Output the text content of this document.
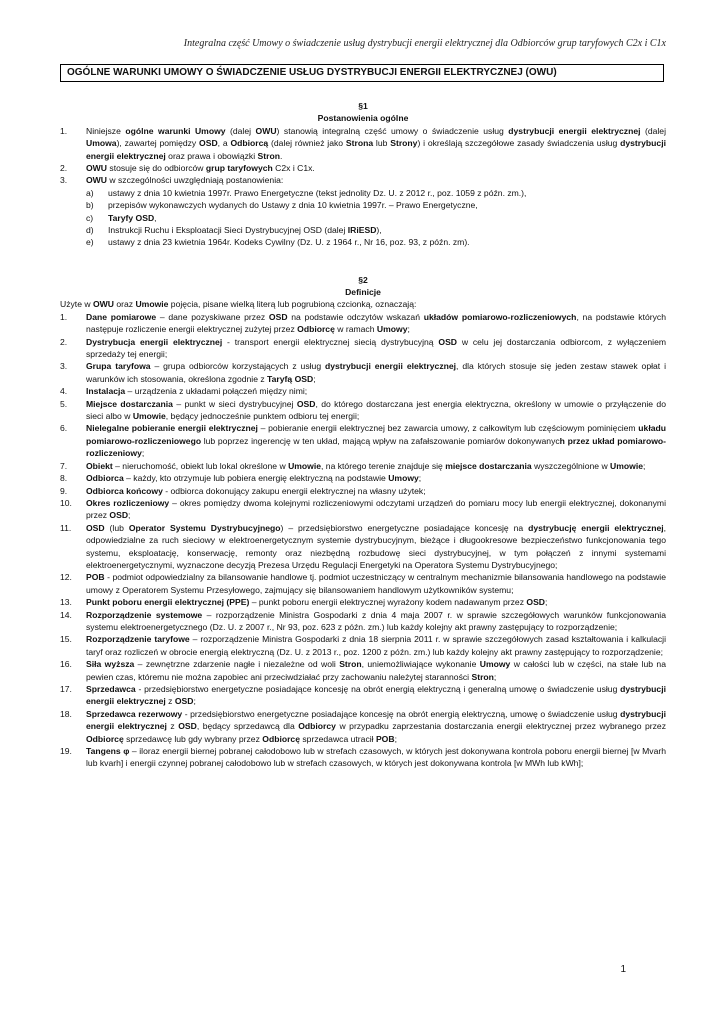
Integralna część Umowy o świadczenie usług dystrybucji energii elektrycznej dla Odbiorców grup taryfowych C2x i C1x
OGÓLNE WARUNKI UMOWY O ŚWIADCZENIE USŁUG DYSTRYBUCJI ENERGII ELEKTRYCZNEJ (OWU)
§1
Postanowienia ogólne
1.	Niniejsze ogólne warunki Umowy (dalej OWU) stanowią integralną część umowy o świadczenie usług dystrybucji energii elektrycznej (dalej Umowa), zawartej pomiędzy OSD, a Odbiorcą (dalej również jako Strona lub Strony) i określają szczegółowe zasady świadczenia usług dystrybucji energii elektrycznej oraz prawa i obowiązki Stron.
2.	OWU stosuje się do odbiorców grup taryfowych C2x i C1x.
3.	OWU w szczególności uwzględniają postanowienia:
a)	ustawy z dnia 10 kwietnia 1997r. Prawo Energetyczne (tekst jednolity Dz. U. z 2012 r., poz. 1059 z późn. zm.),
b)	przepisów wykonawczych wydanych do Ustawy z dnia 10 kwietnia 1997r. – Prawo Energetyczne,
c)	Taryfy OSD,
d)	Instrukcji Ruchu i Eksploatacji Sieci Dystrybucyjnej OSD (dalej IRiESD),
e)	ustawy z dnia 23 kwietnia 1964r. Kodeks Cywilny (Dz. U. z 1964 r., Nr 16, poz. 93, z późn. zm).
§2
Definicje
Użyte w OWU oraz Umowie pojęcia, pisane wielką literą lub pogrubioną czcionką, oznaczają:
1.	Dane pomiarowe – dane pozyskiwane przez OSD na podstawie odczytów wskazań układów pomiarowo-rozliczeniowych, na podstawie których następuje rozliczenie energii elektrycznej zużytej przez Odbiorcę w ramach Umowy;
2.	Dystrybucja energii elektrycznej - transport energii elektrycznej siecią dystrybucyjną OSD w celu jej dostarczania odbiorcom, z wyłączeniem sprzedaży tej energii;
3.	Grupa taryfowa – grupa odbiorców korzystających z usług dystrybucji energii elektrycznej, dla których stosuje się jeden zestaw stawek opłat i warunków ich stosowania, określona zgodnie z Taryfą OSD;
4.	Instalacja – urządzenia z układami połączeń między nimi;
5.	Miejsce dostarczania – punkt w sieci dystrybucyjnej OSD, do którego dostarczana jest energia elektryczna, określony w umowie o przyłączenie do sieci albo w Umowie, będący jednocześnie punktem odbioru tej energii;
6.	Nielegalne pobieranie energii elektrycznej – pobieranie energii elektrycznej bez zawarcia umowy, z całkowitym lub częściowym pominięciem układu pomiarowo-rozliczeniowego lub poprzez ingerencję w ten układ, mającą wpływ na zafałszowanie pomiarów dokonywanych przez układ pomiarowo-rozliczeniowy;
7.	Obiekt – nieruchomość, obiekt lub lokal określone w Umowie, na którego terenie znajduje się miejsce dostarczania wyszczególnione w Umowie;
8.	Odbiorca – każdy, kto otrzymuje lub pobiera energię elektryczną na podstawie Umowy;
9.	Odbiorca końcowy - odbiorca dokonujący zakupu energii elektrycznej na własny użytek;
10.	Okres rozliczeniowy – okres pomiędzy dwoma kolejnymi rozliczeniowymi odczytami urządzeń do pomiaru mocy lub energii elektrycznej, dokonanymi przez OSD;
11.	OSD (lub Operator Systemu Dystrybucyjnego) – przedsiębiorstwo energetyczne posiadające koncesję na dystrybucję energii elektrycznej, odpowiedzialne za ruch sieciowy w elektroenergetycznym systemie dystrybucyjnym, bieżące i długookresowe bezpieczeństwo funkcjonowania tego systemu, eksploatację, konserwację, remonty oraz niezbędną rozbudowę sieci dystrybucyjnej, w tym połączeń z innymi systemami elektroenergetycznymi, wyznaczone decyzją Prezesa Urzędu Regulacji Energetyki na Operatora Systemu Dystrybucyjnego;
12.	POB - podmiot odpowiedzialny za bilansowanie handlowe tj. podmiot uczestniczący w centralnym mechanizmie bilansowania handlowego na podstawie umowy z Operatorem Systemu Przesyłowego, zajmujący się bilansowaniem handlowym użytkowników systemu;
13.	Punkt poboru energii elektrycznej (PPE) – punkt poboru energii elektrycznej wyrażony kodem nadawanym przez OSD;
14.	Rozporządzenie systemowe – rozporządzenie Ministra Gospodarki z dnia 4 maja 2007 r. w sprawie szczegółowych warunków funkcjonowania systemu elektroenergetycznego (Dz. U. z 2007 r., Nr 93, poz. 623 z późn. zm.) lub każdy kolejny akt prawny zastępujący to rozporządzenie;
15.	Rozporządzenie taryfowe – rozporządzenie Ministra Gospodarki z dnia 18 sierpnia 2011 r. w sprawie szczegółowych zasad kształtowania i kalkulacji taryf oraz rozliczeń w obrocie energią elektryczną (Dz. U. z 2013 r., poz. 1200 z późn. zm.) lub każdy kolejny akt prawny zastępujący to rozporządzenie;
16.	Siła wyższa – zewnętrzne zdarzenie nagłe i niezależne od woli Stron, uniemożliwiające wykonanie Umowy w całości lub w części, na stałe lub na pewien czas, któremu nie można zapobiec ani przeciwdziałać przy zachowaniu należytej staranności Stron;
17.	Sprzedawca - przedsiębiorstwo energetyczne posiadające koncesję na obrót energią elektryczną i generalną umowę o świadczenie usług dystrybucji energii elektrycznej z OSD;
18.	Sprzedawca rezerwowy - przedsiębiorstwo energetyczne posiadające koncesję na obrót energią elektryczną, umowę o świadczenie usług dystrybucji energii elektrycznej z OSD, będący sprzedawcą dla Odbiorcy w przypadku zaprzestania dostarczania energii elektrycznej przez wybranego przez Odbiorcę sprzedawcę lub gdy wybrany przez Odbiorcę sprzedawca utracił POB;
19.	Tangens φ – iloraz energii biernej pobranej całodobowo lub w strefach czasowych, w których jest dokonywana kontrola poboru energii biernej [w Mvarh lub kvarh] i energii czynnej pobranej całodobowo lub w strefach czasowych, w których jest dokonywana kontrola [w MWh lub kWh];
1
